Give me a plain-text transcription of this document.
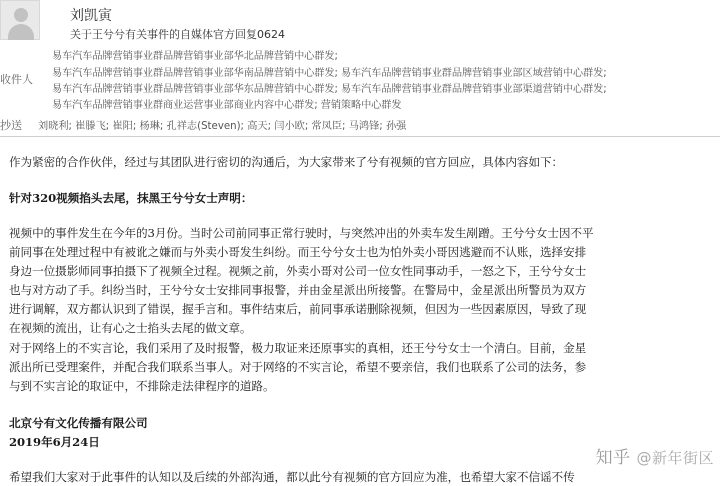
刘凯寅
关于王兮兮有关事件的自媒体官方回复0624
收件人
易车汽车品牌营销事业群品牌营销事业部华北品牌营销中心群发;
易车汽车品牌营销事业群品牌营销事业部华南品牌营销中心群发; 易车汽车品牌营销事业群品牌营销事业部区域营销中心群发;
易车汽车品牌营销事业群品牌营销事业部华东品牌营销中心群发; 易车汽车品牌营销事业群品牌营销事业部渠道营销中心群发;
易车汽车品牌营销事业群商业运营事业部商业内容中心群发; 营销策略中心群发
抄送 刘晓利; 崔滕飞; 崔阳; 杨琳; 孔祥志(Steven); 高天; 闫小欧; 常凤臣; 马鸿锋; 孙强
作为紧密的合作伙伴，经过与其团队进行密切的沟通后，为大家带来了兮有视频的官方回应，具体内容如下：
针对320视频掐头去尾，抹黑王兮兮女士声明：
视频中的事件发生在今年的3月份。当时公司前同事正常行驶时，与突然冲出的外卖车发生剐蹭。王兮兮女士因不平
前同事在处理过程中有被讹之嫌而与外卖小哥发生纠纷。而王兮兮女士也为怕外卖小哥因逃避而不认账，选择安排
身边一位摄影师同事拍摄下了视频全过程。视频之前，外卖小哥对公司一位女性同事动手，一怒之下，王兮兮女士
也与对方动了手。纠纷当时，王兮兮女士安排同事报警，并由金星派出所接警。在警局中，金星派出所警员为双方
进行调解，双方都认识到了错误，握手言和。事件结束后，前同事承诺删除视频，但因为一些因素原因，导致了现
在视频的流出，让有心之士掐头去尾的做文章。
对于网络上的不实言论，我们采用了及时报警，极力取证来还原事实的真相，还王兮兮女士一个清白。目前，金星
派出所已受理案件，并配合我们联系当事人。对于网络的不实言论，希望不要亲信，我们也联系了公司的法务，参
与到不实言论的取证中，不排除走法律程序的道路。
北京兮有文化传播有限公司
2019年6月24日
希望我们大家对于此事件的认知以及后续的外部沟通，都以此兮有视频的官方回应为准，也希望大家不信谣不传
知乎 @新年街区
